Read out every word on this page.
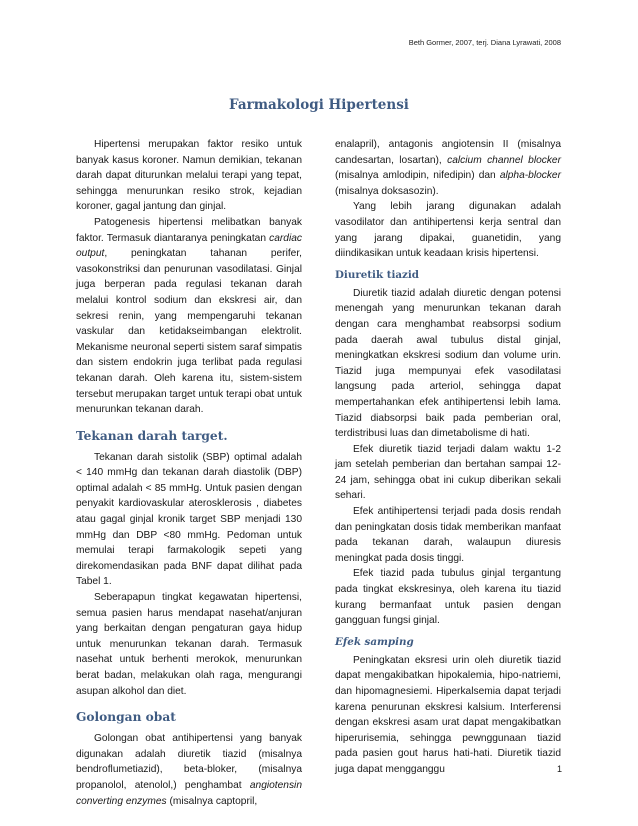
Beth Gormer, 2007, terj. Diana Lyrawati, 2008
Farmakologi Hipertensi

Hipertensi merupakan faktor resiko untuk banyak kasus koroner. Namun demikian, tekanan darah dapat diturunkan melalui terapi yang tepat, sehingga menurunkan resiko strok, kejadian koroner, gagal jantung dan ginjal.

Patogenesis hipertensi melibatkan banyak faktor. Termasuk diantaranya peningkatan cardiac output, peningkatan tahanan perifer, vasokonstriksi dan penurunan vasodilatasi. Ginjal juga berperan pada regulasi tekanan darah melalui kontrol sodium dan ekskresi air, dan sekresi renin, yang mempengaruhi tekanan vaskular dan ketidakseimbangan elektrolit. Mekanisme neuronal seperti sistem saraf simpatis dan sistem endokrin juga terlibat pada regulasi tekanan darah. Oleh karena itu, sistem-sistem tersebut merupakan target untuk terapi obat untuk menurunkan tekanan darah.

Tekanan darah target.

Tekanan darah sistolik (SBP) optimal adalah < 140 mmHg dan tekanan darah diastolik (DBP) optimal adalah < 85 mmHg. Untuk pasien dengan penyakit kardiovaskular aterosklerosis , diabetes atau gagal ginjal kronik target SBP menjadi 130 mmHg dan DBP <80 mmHg. Pedoman untuk memulai terapi farmakologik sepeti yang direkomendasikan pada BNF dapat dilihat pada Tabel 1.

Seberapapun tingkat kegawatan hipertensi, semua pasien harus mendapat nasehat/anjuran yang berkaitan dengan pengaturan gaya hidup untuk menurunkan tekanan darah. Termasuk nasehat untuk berhenti merokok, menurunkan berat badan, melakukan olah raga, mengurangi asupan alkohol dan diet.

Golongan obat

Golongan obat antihipertensi yang banyak digunakan adalah diuretik tiazid (misalnya bendroflumetiazid), beta-bloker, (misalnya propanolol, atenolol,) penghambat angiotensin converting enzymes (misalnya captopril,

enalapril), antagonis angiotensin II (misalnya candesartan, losartan), calcium channel blocker (misalnya amlodipin, nifedipin) dan alpha-blocker (misalnya doksasozin).

Yang lebih jarang digunakan adalah vasodilator dan antihipertensi kerja sentral dan yang jarang dipakai, guanetidin, yang diindikasikan untuk keadaan krisis hipertensi.

Diuretik tiazid

Diuretik tiazid adalah diuretic dengan potensi menengah yang menurunkan tekanan darah dengan cara menghambat reabsorpsi sodium pada daerah awal tubulus distal ginjal, meningkatkan ekskresi sodium dan volume urin. Tiazid juga mempunyai efek vasodilatasi langsung pada arteriol, sehingga dapat mempertahankan efek antihipertensi lebih lama. Tiazid diabsorpsi baik pada pemberian oral, terdistribusi luas dan dimetabolisme di hati.

Efek diuretik tiazid terjadi dalam waktu 1-2 jam setelah pemberian dan bertahan sampai 12-24 jam, sehingga obat ini cukup diberikan sekali sehari.

Efek antihipertensi terjadi pada dosis rendah dan peningkatan dosis tidak memberikan manfaat pada tekanan darah, walaupun diuresis meningkat pada dosis tinggi.

Efek tiazid pada tubulus ginjal tergantung pada tingkat ekskresinya, oleh karena itu tiazid kurang bermanfaat untuk pasien dengan gangguan fungsi ginjal.

Efek samping

Peningkatan eksresi urin oleh diuretik tiazid dapat mengakibatkan hipokalemia, hipo-natriemi, dan hipomagnesiemi. Hiperkalsemia dapat terjadi karena penurunan ekskresi kalsium. Interferensi dengan ekskresi asam urat dapat mengakibatkan hiperurisemia, sehingga pewnggunaan tiazid pada pasien gout harus hati-hati. Diuretik tiazid juga dapat mengganggu	1
